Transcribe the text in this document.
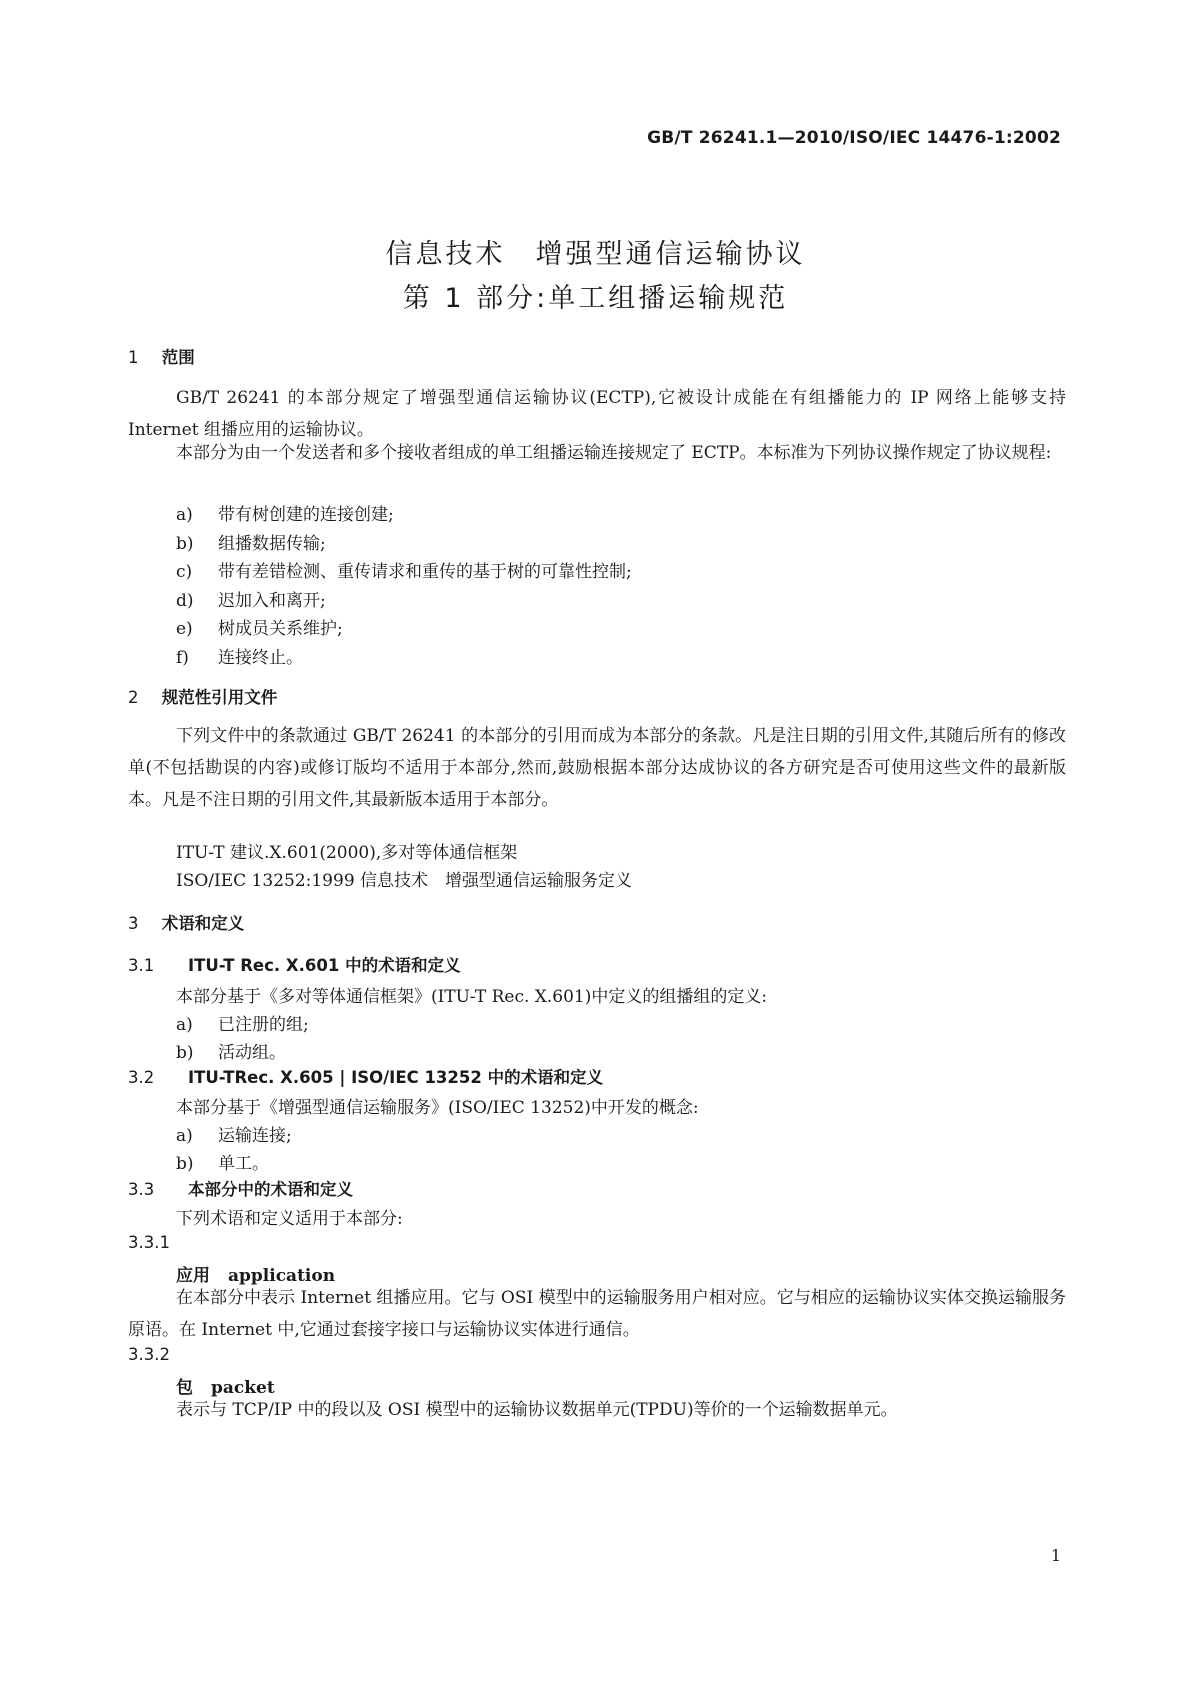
GB/T 26241.1—2010/ISO/IEC 14476-1:2002
信息技术　增强型通信运输协议
第 1 部分:单工组播运输规范
1 范围
GB/T 26241 的本部分规定了增强型通信运输协议(ECTP),它被设计成能在有组播能力的 IP 网络上能够支持 Internet 组播应用的运输协议。
本部分为由一个发送者和多个接收者组成的单工组播运输连接规定了 ECTP。本标准为下列协议操作规定了协议规程:
a) 带有树创建的连接创建;
b) 组播数据传输;
c) 带有差错检测、重传请求和重传的基于树的可靠性控制;
d) 迟加入和离开;
e) 树成员关系维护;
f) 连接终止。
2 规范性引用文件
下列文件中的条款通过 GB/T 26241 的本部分的引用而成为本部分的条款。凡是注日期的引用文件,其随后所有的修改单(不包括勘误的内容)或修订版均不适用于本部分,然而,鼓励根据本部分达成协议的各方研究是否可使用这些文件的最新版本。凡是不注日期的引用文件,其最新版本适用于本部分。
ITU-T 建议.X.601(2000),多对等体通信框架
ISO/IEC 13252:1999 信息技术　增强型通信运输服务定义
3 术语和定义
3.1 ITU-T Rec. X.601 中的术语和定义
本部分基于《多对等体通信框架》(ITU-T Rec. X.601)中定义的组播组的定义:
a) 已注册的组;
b) 活动组。
3.2 ITU-TRec. X.605 | ISO/IEC 13252 中的术语和定义
本部分基于《增强型通信运输服务》(ISO/IEC 13252)中开发的概念:
a) 运输连接;
b) 单工。
3.3 本部分中的术语和定义
下列术语和定义适用于本部分:
3.3.1
应用 application
在本部分中表示 Internet 组播应用。它与 OSI 模型中的运输服务用户相对应。它与相应的运输协议实体交换运输服务原语。在 Internet 中,它通过套接字接口与运输协议实体进行通信。
3.3.2
包 packet
表示与 TCP/IP 中的段以及 OSI 模型中的运输协议数据单元(TPDU)等价的一个运输数据单元。
1
